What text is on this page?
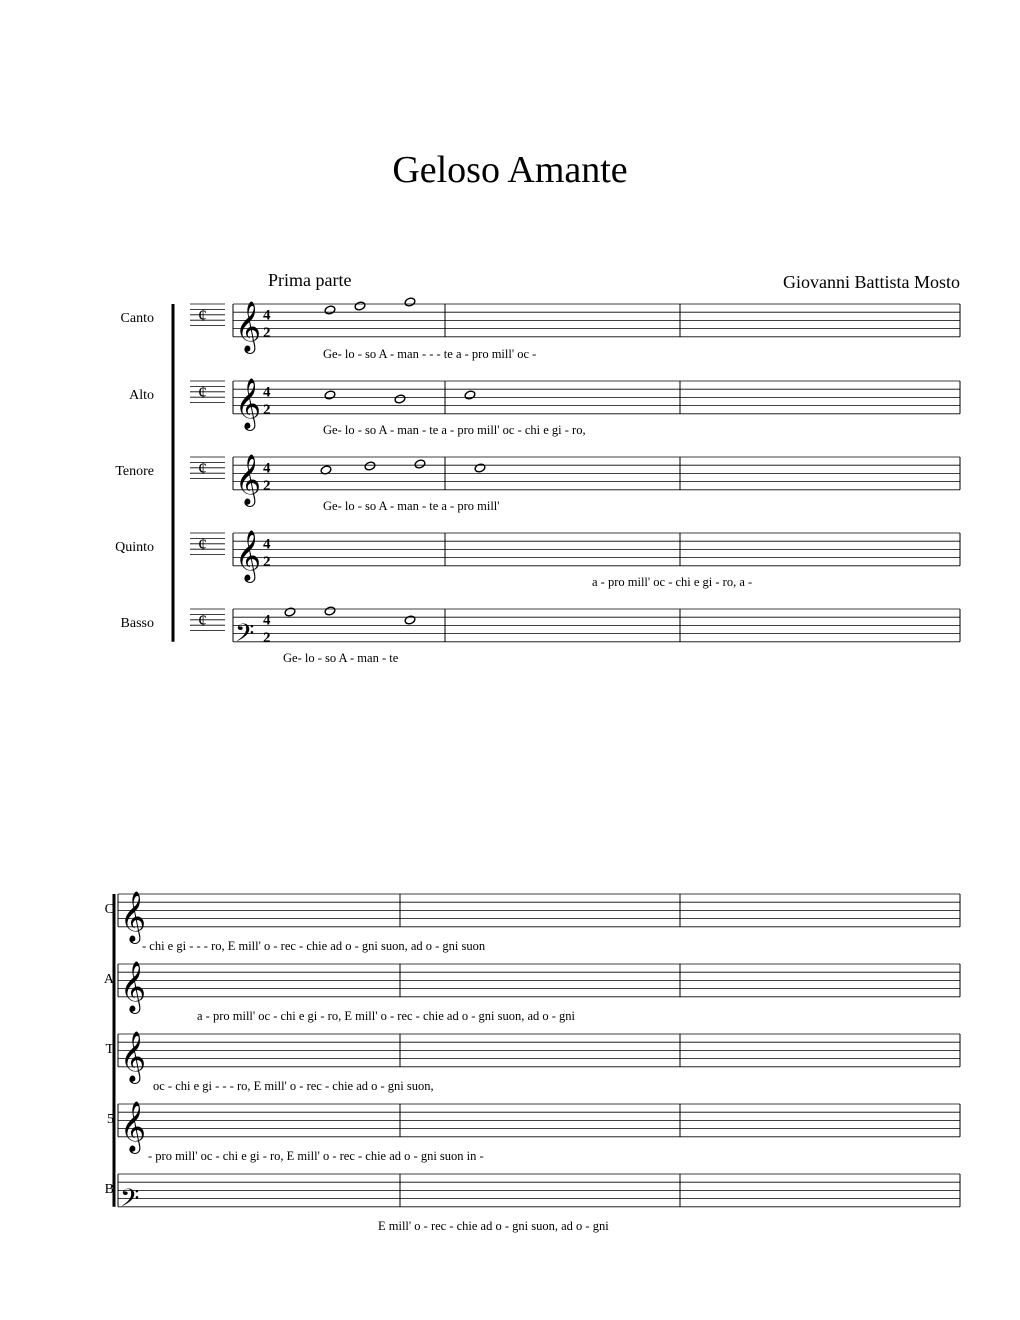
Geloso Amante
Prima parte	Giovanni Battista Mosto
Canto
Alto
Tenore
Quinto
Basso
C
A
T
5
B
𝄞 4
2
¢
𝄞 4
2
¢
𝄞 4
2
¢
𝄞 4
2
¢
𝄢 4
2
¢
𝄞
𝄞
𝄞
𝄞
𝄢
Ge- lo - so A - man - - - te a - pro mill' oc -
Ge- lo - so A - man - te a - pro mill' oc - chi e gi - ro,
Ge- lo - so A - man - te a - pro mill'
a - pro mill' oc - chi e gi - ro, a -
Ge- lo - so A - man - te
- chi e gi - - - ro, E mill' o - rec - chie ad o - gni suon, ad o - gni suon
a - pro mill' oc - chi e gi - ro, E mill' o - rec - chie ad o - gni suon, ad o - gni
oc - chi e gi - - - ro, E mill' o - rec - chie ad o - gni suon,
- pro mill' oc - chi e gi - ro, E mill' o - rec - chie ad o - gni suon in -
E mill' o - rec - chie ad o - gni suon, ad o - gni
